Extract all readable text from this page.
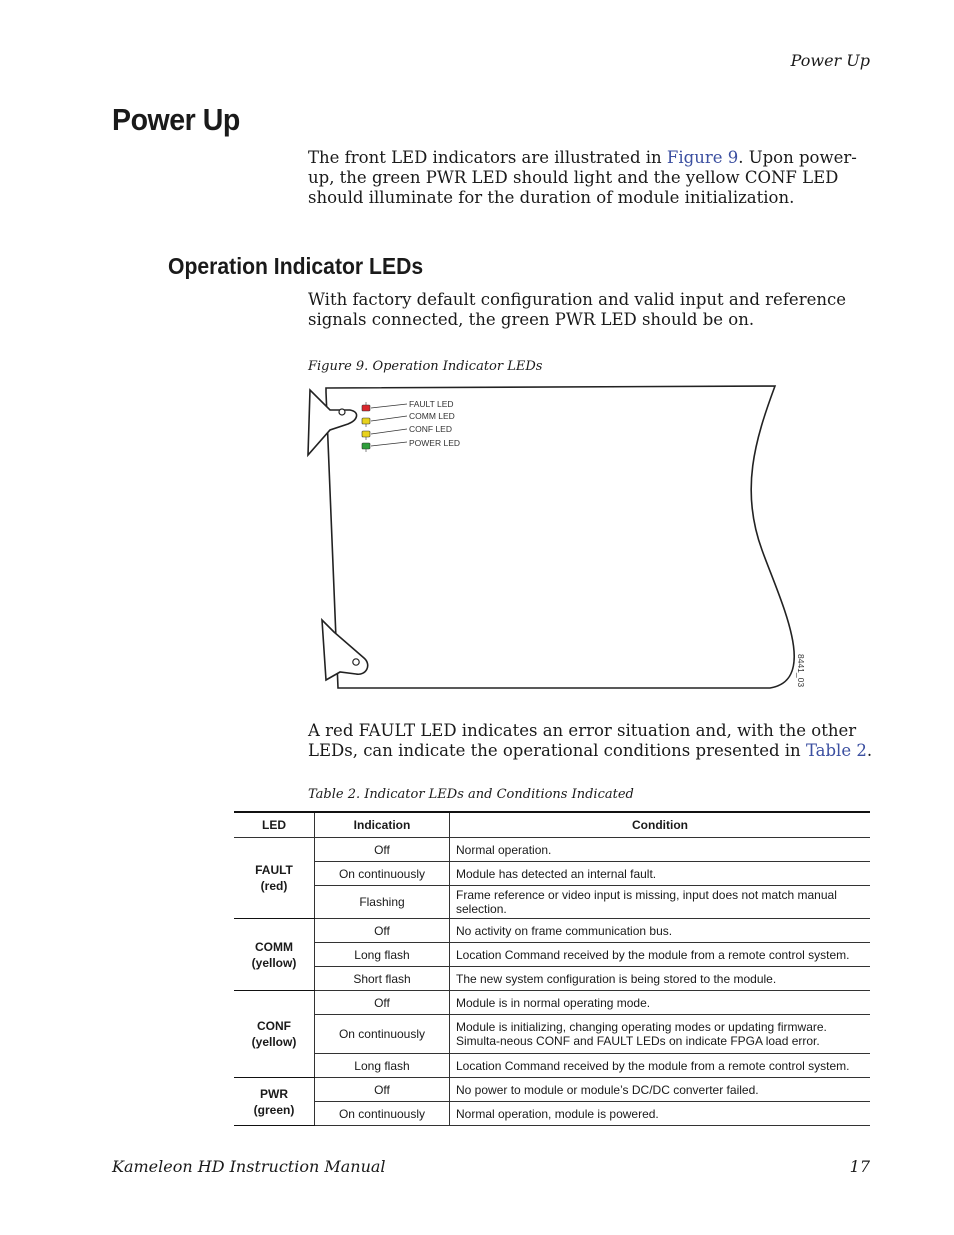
Power Up
Power Up
The front LED indicators are illustrated in Figure 9. Upon power-up, the green PWR LED should light and the yellow CONF LED should illuminate for the duration of module initialization.
Operation Indicator LEDs
With factory default configuration and valid input and reference signals connected, the green PWR LED should be on.
Figure 9. Operation Indicator LEDs
FAULT LED
COMM LED
CONF LED
POWER LED
8441_03
A red FAULT LED indicates an error situation and, with the other LEDs, can indicate the operational conditions presented in Table 2.
Table 2. Indicator LEDs and Conditions Indicated
LED	Indication	Condition
FAULT
(red)	Off	Normal operation.
	On continuously	Module has detected an internal fault.
	Flashing	Frame reference or video input is missing, input does not match manual selection.
COMM
(yellow)	Off	No activity on frame communication bus.
	Long flash	Location Command received by the module from a remote control system.
	Short flash	The new system configuration is being stored to the module.
CONF
(yellow)	Off	Module is in normal operating mode.
	On continuously	Module is initializing, changing operating modes or updating firmware. Simulta-neous CONF and FAULT LEDs on indicate FPGA load error.
	Long flash	Location Command received by the module from a remote control system.
PWR
(green)	Off	No power to module or module’s DC/DC converter failed.
	On continuously	Normal operation, module is powered.
Kameleon HD Instruction Manual	17
